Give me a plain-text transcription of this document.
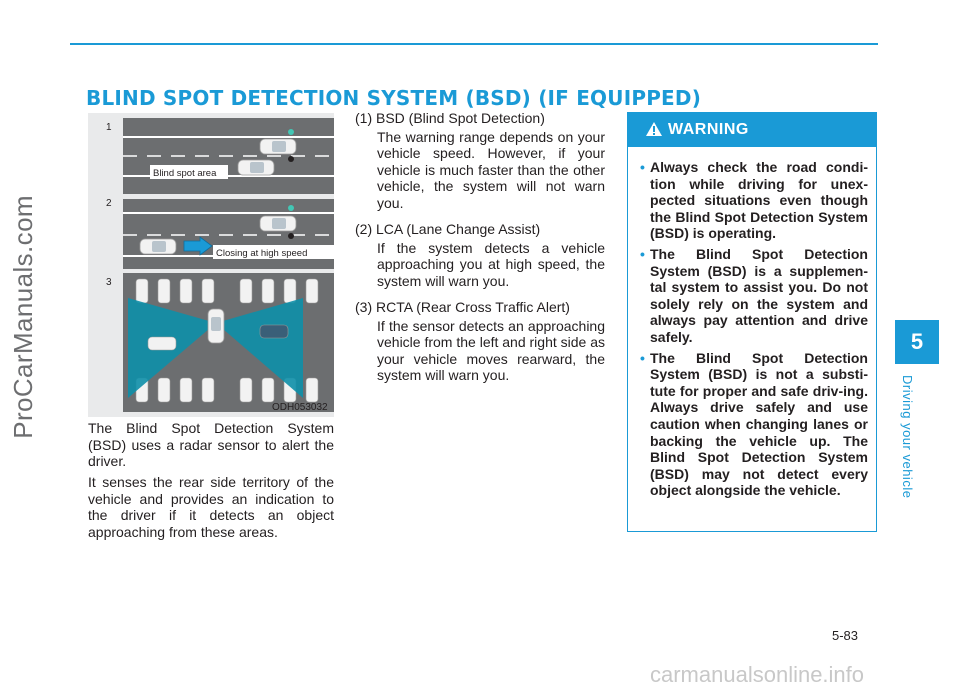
BLIND SPOT DETECTION SYSTEM (BSD) (IF EQUIPPED)
1
Blind spot area
2
Closing at high speed
3
ODH053032

The Blind Spot Detection System (BSD) uses a radar sensor to alert the driver.

It senses the rear side territory of the vehicle and provides an indication to the driver if it detects an object approaching from these areas.

(1) BSD (Blind Spot Detection)

The warning range depends on your vehicle speed. However, if your vehicle is much faster than the other vehicle, the system will not warn you.

(2) LCA (Lane Change Assist)

If the system detects a vehicle approaching you at high speed, the system will warn you.

(3) RCTA (Rear Cross Traffic Alert)

If the sensor detects an approaching vehicle from the left and right side as your vehicle moves rearward, the system will warn you.

WARNING
• Always check the road condi-tion while driving for unex-pected situations even though the Blind Spot Detection System (BSD) is operating.
• The Blind Spot Detection System (BSD) is a supplemen-tal system to assist you. Do not solely rely on the system and always pay attention and drive safely.
• The Blind Spot Detection System (BSD) is not a substi-tute for proper and safe driv-ing. Always drive safely and use caution when changing lanes or backing the vehicle up. The Blind Spot Detection System (BSD) may not detect every object alongside the vehicle.
5
Driving your vehicle
5-83
ProCarManuals.com
carmanualsonline.info
